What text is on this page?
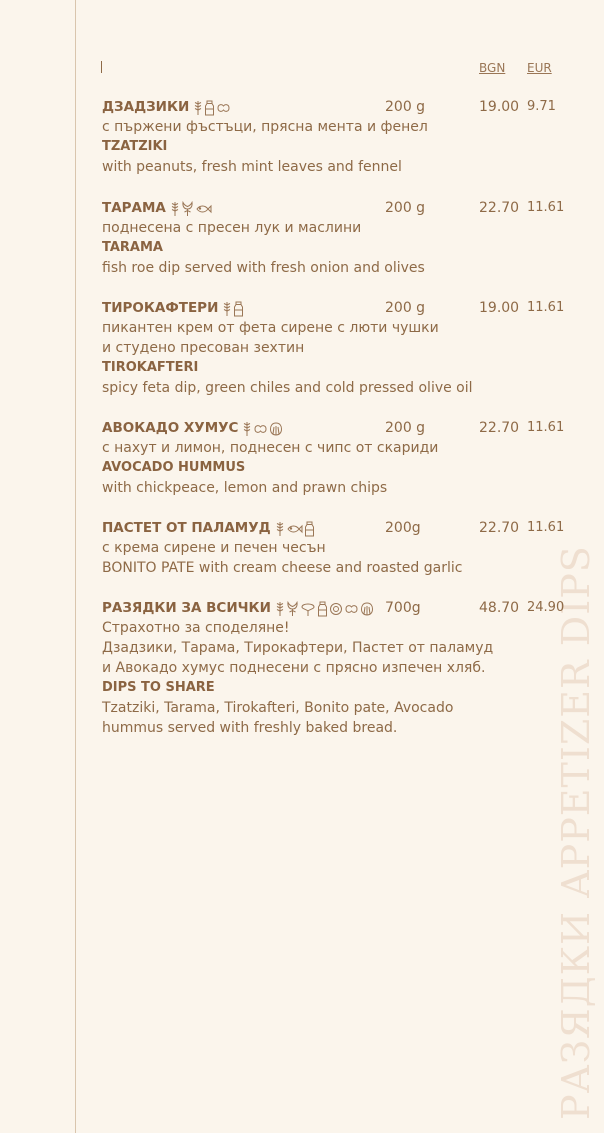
BGN EUR
РАЗЯДКИ APPETIZER DIPS
ДЗАДЗИКИ	200 g	19.00 9.71
с пържени фъстъци, прясна мента и фенел
TZATZIKI
with peanuts, fresh mint leaves and fennel
ТАРАМА	200 g	22.70 11.61
поднесена с пресен лук и маслини
TARAMA
fish roe dip served with fresh onion and olives
ТИРОКАФТЕРИ	200 g	19.00 11.61
пикантен крем от фета сирене с люти чушки
и студено пресован зехтин
TIROKAFTERI
spicy feta dip, green chiles and cold pressed olive oil
АВОКАДО ХУМУС	200 g	22.70 11.61
с нахут и лимон, поднесен с чипс от скариди
AVOCADO HUMMUS
with chickpeace, lemon and prawn chips
ПАСТЕТ ОТ ПАЛАМУД	200g	22.70 11.61
с крема сирене и печен чесън
BONITO PATE with cream cheese and roasted garlic
РАЗЯДКИ ЗА ВСИЧКИ	700g	48.70 24.90
Страхотно за споделяне!
Дзадзики, Тарама, Тирокафтери, Пастет от паламуд
и Авокадо хумус поднесени с прясно изпечен хляб.
DIPS TO SHARE
Tzatziki, Tarama, Tirokafteri, Bonito pate, Avocado
hummus served with freshly baked bread.
